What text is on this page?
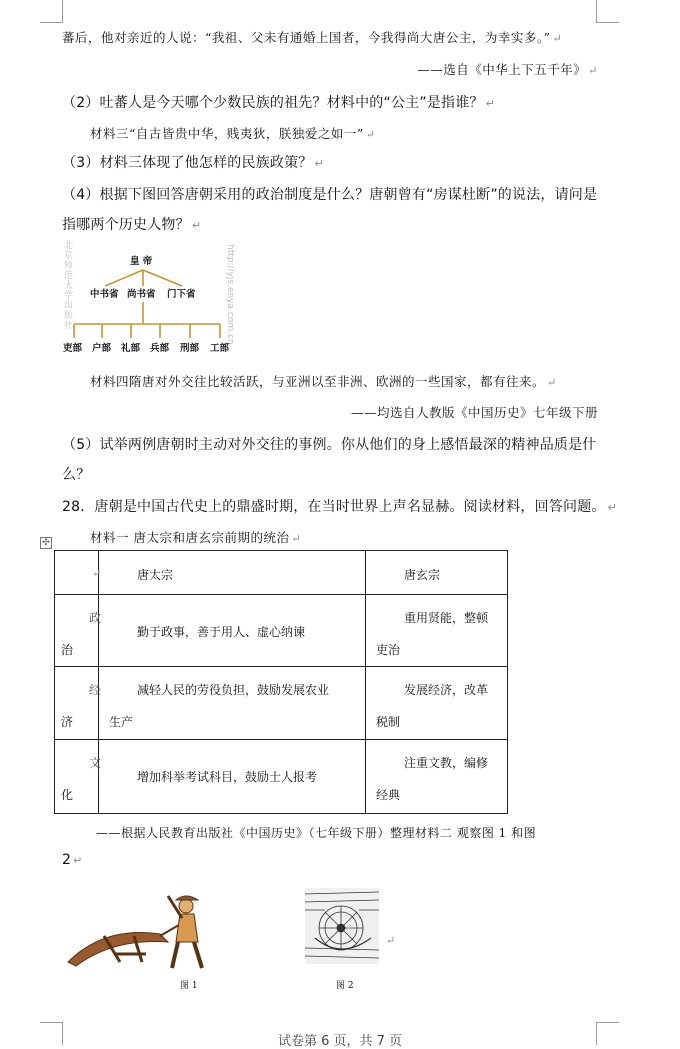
蕃后，他对亲近的人说：“我祖、父未有通婚上国者，今我得尚大唐公主，为幸实多。” ↵
——选自《中华上下五千年》 ↵
（2）吐蕃人是今天哪个少数民族的祖先？材料中的“公主”是指谁？ ↵
材料三“自古皆贵中华，贱夷狄，朕独爱之如一” ↵
（3）材料三体现了他怎样的民族政策？ ↵
（4）根据下图回答唐朝采用的政治制度是什么？唐朝曾有“房谋杜断”的说法，请问是
指哪两个历史人物？ ↵
北京师范大学出版社	http://yjs.enya.com.cn
皇 帝
中书省 尚书省 门下省
吏部 户部 礼部 兵部 刑部 工部
材料四隋唐对外交往比较活跃，与亚洲以至非洲、欧洲的一些国家，都有往来。 ↵
——均选自人教版《中国历史》七年级下册
（5）试举两例唐朝时主动对外交往的事例。你从他们的身上感悟最深的精神品质是什
么？
28．唐朝是中国古代史上的鼎盛时期，在当时世界上声名显赫。阅读材料，回答问题。 ↵
材料一 唐太宗和唐玄宗前期的统治 ↵
✣
↵	唐太宗	唐玄宗

政
治	勤于政事，善于用人、虚心纳谏	重用贤能，整顿
吏治

经
济	减轻人民的劳役负担，鼓励发展农业
生产	发展经济，改革
税制

文
化	增加科举考试科目，鼓励士人报考	注重文教，编修
经典
——根据人民教育出版社《中国历史》（七年级下册）整理材料二 观察图 1 和图
2 ↵
图 1
↵
图 2
试卷第 6 页，共 7 页
